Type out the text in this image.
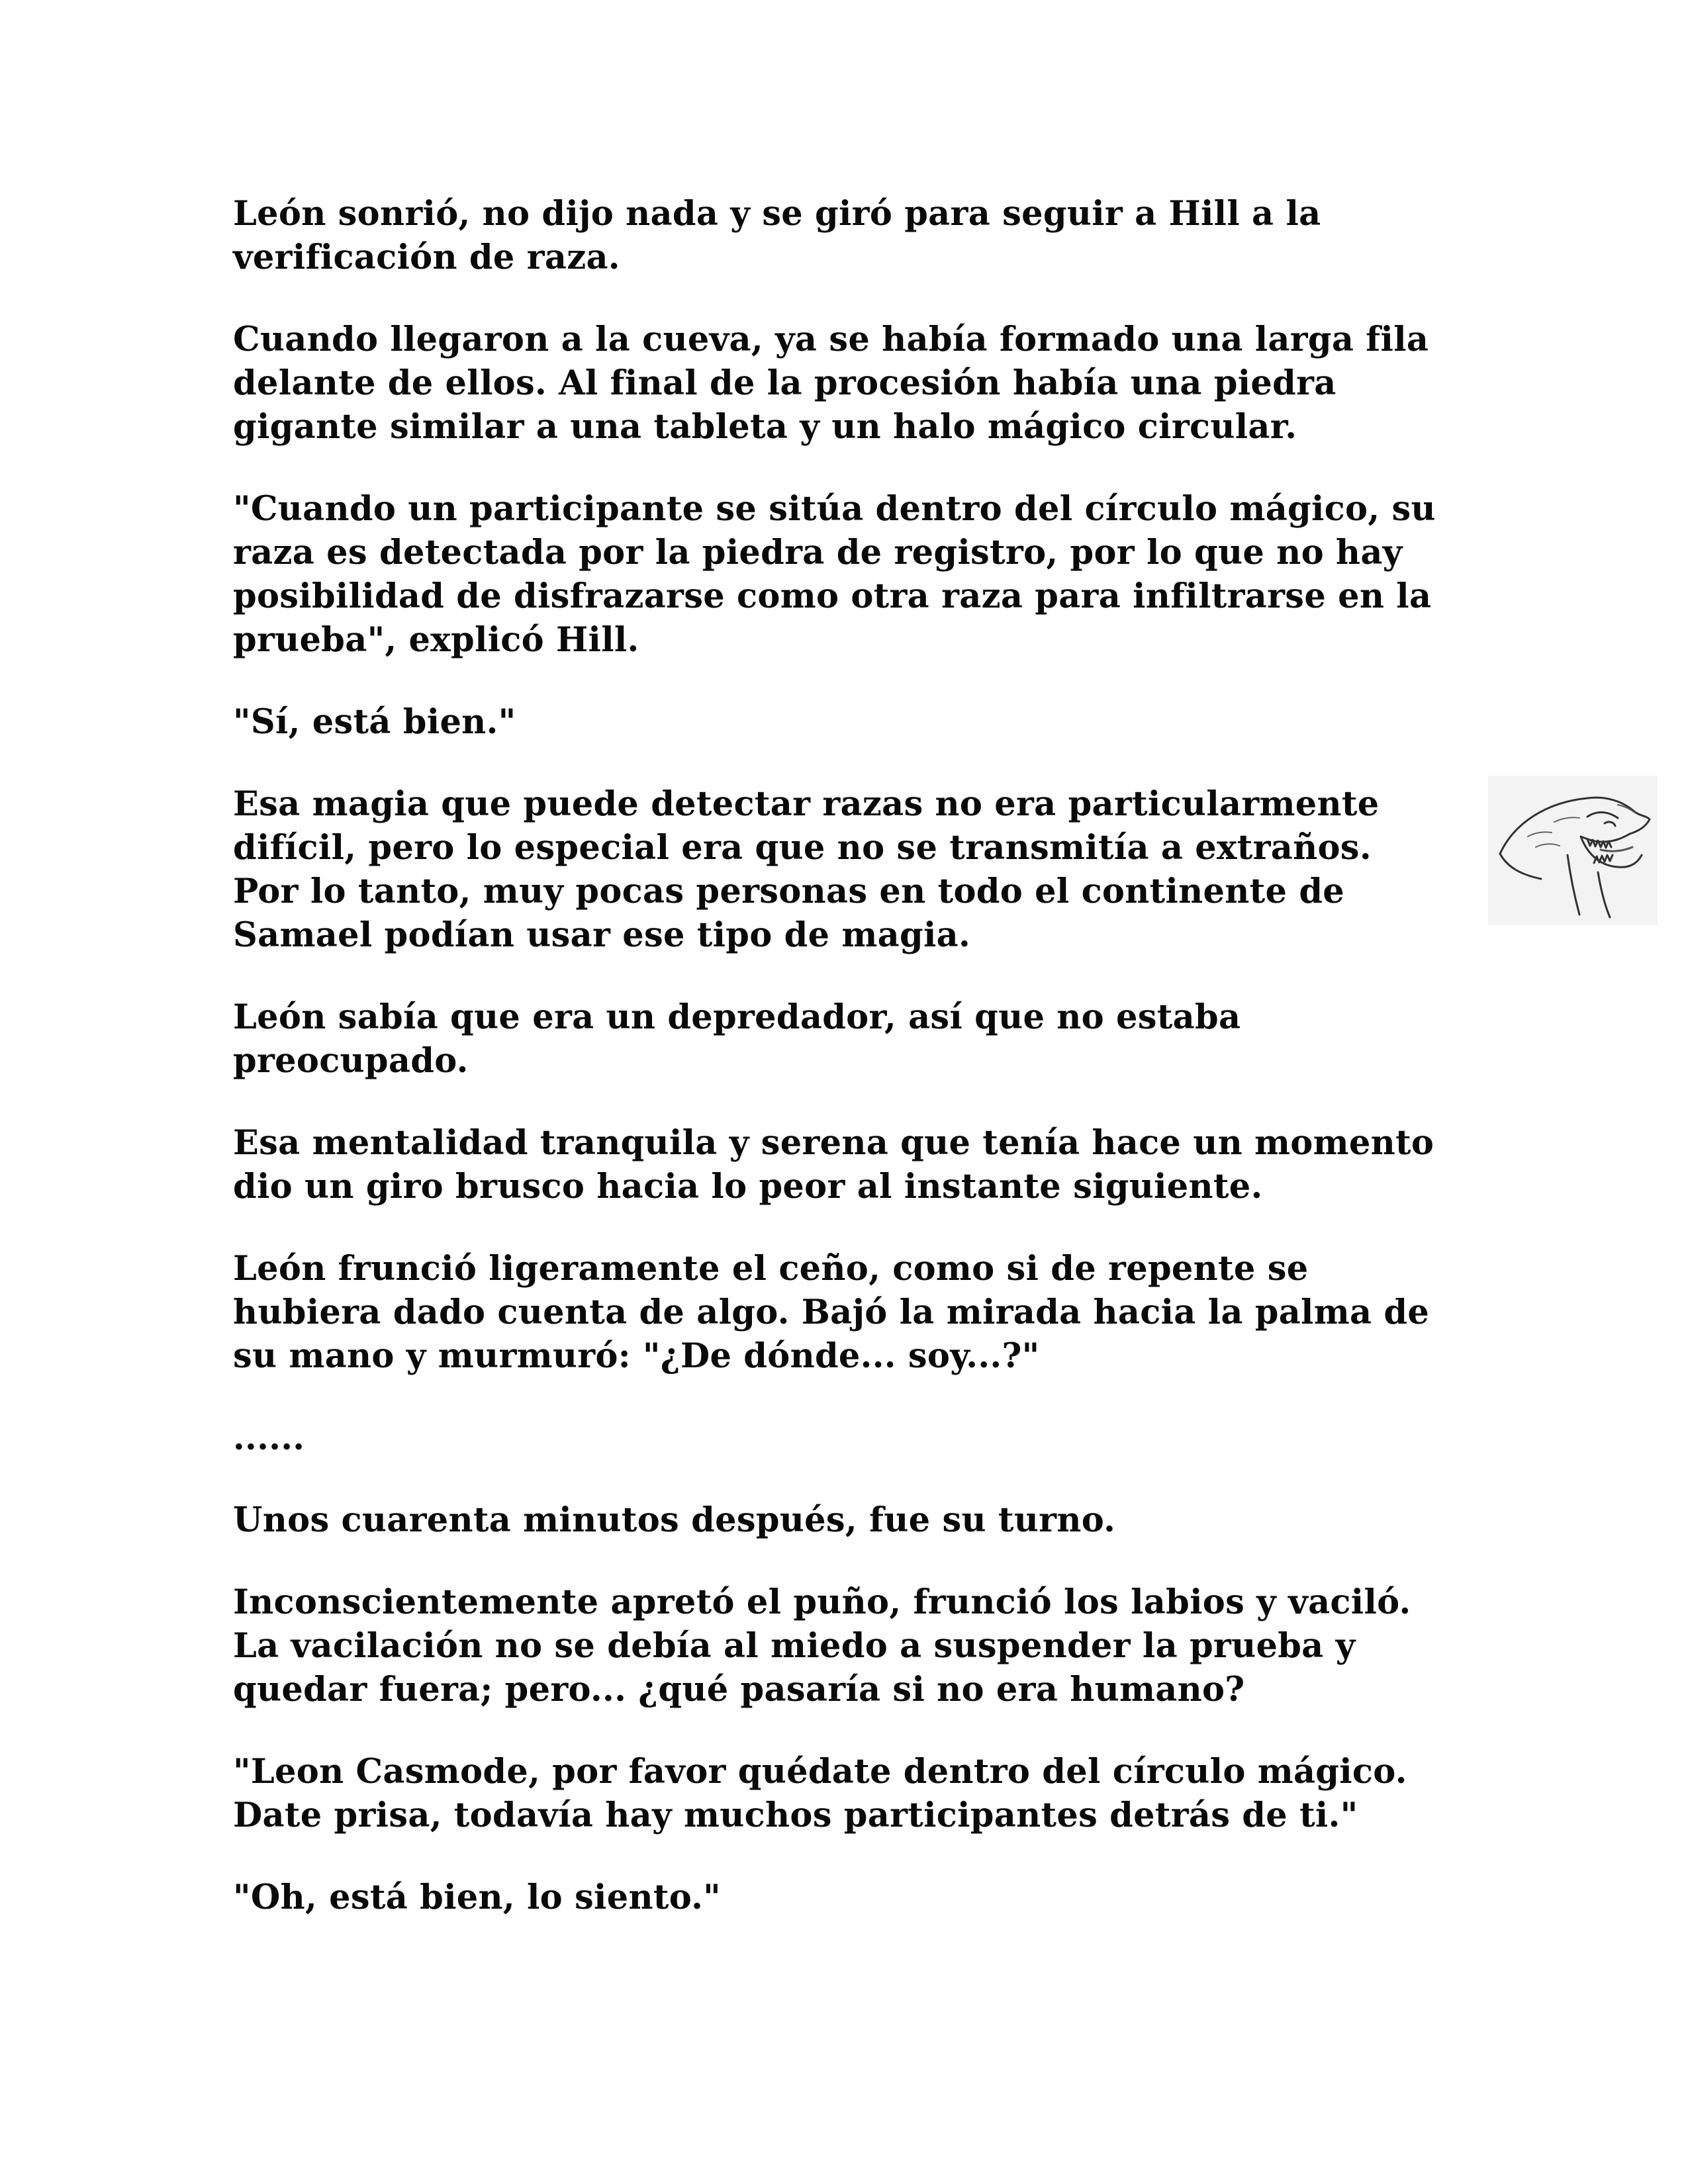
León sonrió, no dijo nada y se giró para seguir a Hill a la
verificación de raza.

Cuando llegaron a la cueva, ya se había formado una larga fila
delante de ellos. Al final de la procesión había una piedra
gigante similar a una tableta y un halo mágico circular.

"Cuando un participante se sitúa dentro del círculo mágico, su
raza es detectada por la piedra de registro, por lo que no hay
posibilidad de disfrazarse como otra raza para infiltrarse en la
prueba", explicó Hill.

"Sí, está bien."

Esa magia que puede detectar razas no era particularmente
difícil, pero lo especial era que no se transmitía a extraños.
Por lo tanto, muy pocas personas en todo el continente de
Samael podían usar ese tipo de magia.

León sabía que era un depredador, así que no estaba
preocupado.

Esa mentalidad tranquila y serena que tenía hace un momento
dio un giro brusco hacia lo peor al instante siguiente.

León frunció ligeramente el ceño, como si de repente se
hubiera dado cuenta de algo. Bajó la mirada hacia la palma de
su mano y murmuró: "¿De dónde... soy...?"

......

Unos cuarenta minutos después, fue su turno.

Inconscientemente apretó el puño, frunció los labios y vaciló.
La vacilación no se debía al miedo a suspender la prueba y
quedar fuera; pero... ¿qué pasaría si no era humano?

"Leon Casmode, por favor quédate dentro del círculo mágico.
Date prisa, todavía hay muchos participantes detrás de ti."

"Oh, está bien, lo siento."
